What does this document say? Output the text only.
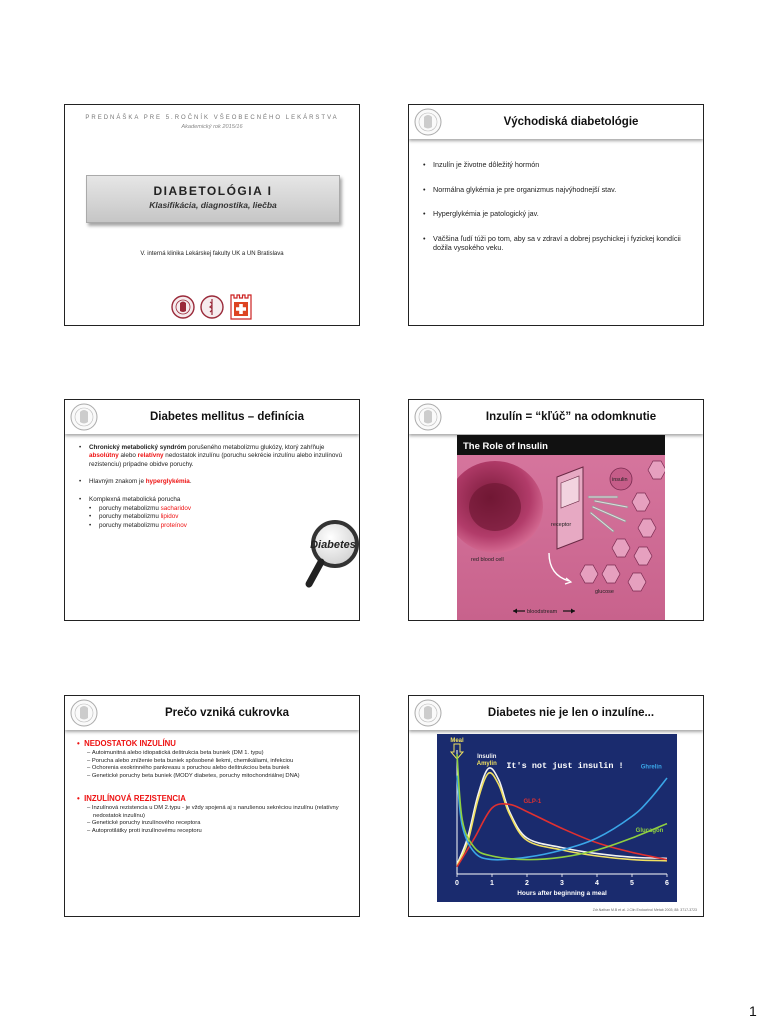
PREDNÁŠKA PRE 5.ROČNÍK VŠEOBECNÉHO LEKÁRSTVA
Akademický rok 2015/16
DIABETOLÓGIA I
Klasifikácia, diagnostika, liečba
V. interná klinika Lekárskej fakulty UK a UN Bratislava
Východiská diabetológie
• Inzulín je životne dôležitý hormón
• Normálna glykémia je pre organizmus najvýhodnejší stav.
• Hyperglykémia je patologický jav.
• Väčšina ľudí túži po tom, aby sa v zdraví a dobrej psychickej i fyzickej kondícii dožila vysokého veku.
Diabetes mellitus – definícia
• Chronický metabolický syndróm porušeného metabolizmu glukózy, ktorý zahŕňuje absolútny alebo relatívny nedostatok inzulínu (poruchu sekrécie inzulínu alebo inzulínovú rezistenciu) prípadne obidve poruchy.
• Hlavným znakom je hyperglykémia.
• Komplexná metabolická porucha
• poruchy metabolizmu sacharidov
• poruchy metabolizmu lipidov
• poruchy metabolizmu proteínov
Diabetes
Inzulín = “kľúč” na odomknutie
The Role of Insulin
red blood cell
receptor
insulin
glucose
bloodstream
Prečo vzniká cukrovka
•  NEDOSTATOK INZULÍNU
– Autoimunitná alebo idiopatická deštrukcia beta buniek (DM 1. typu)
– Porucha alebo zníženie beta buniek spôsobené liekmi, chemikáliami, infekciou
– Ochorenia exokrinného pankreasu s poruchou alebo deštrukciou beta buniek
– Genetické poruchy beta buniek (MODY diabetes, poruchy mitochondriálnej DNA)
•  INZULÍNOVÁ REZISTENCIA
– Inzulínová rezistencia u DM 2.typu - je vždy spojená aj s narušenou sekréciou inzulínu (relatívny nedostatok inzulínu)
– Genetické poruchy inzulínového receptora
– Autoprotilátky proti inzulínovému receptoru
Diabetes nie je len o inzulíne...
0	1	2	3	4	5	6
Hours after beginning a meal
It's not just insulin !
Meal
Insulin
Amylin
GLP-1
Ghrelin
Glucagon
Zdr.Nathan M.B et al. J.Clin Endocrinol Metab 2003; 88: 3717-3723
1
